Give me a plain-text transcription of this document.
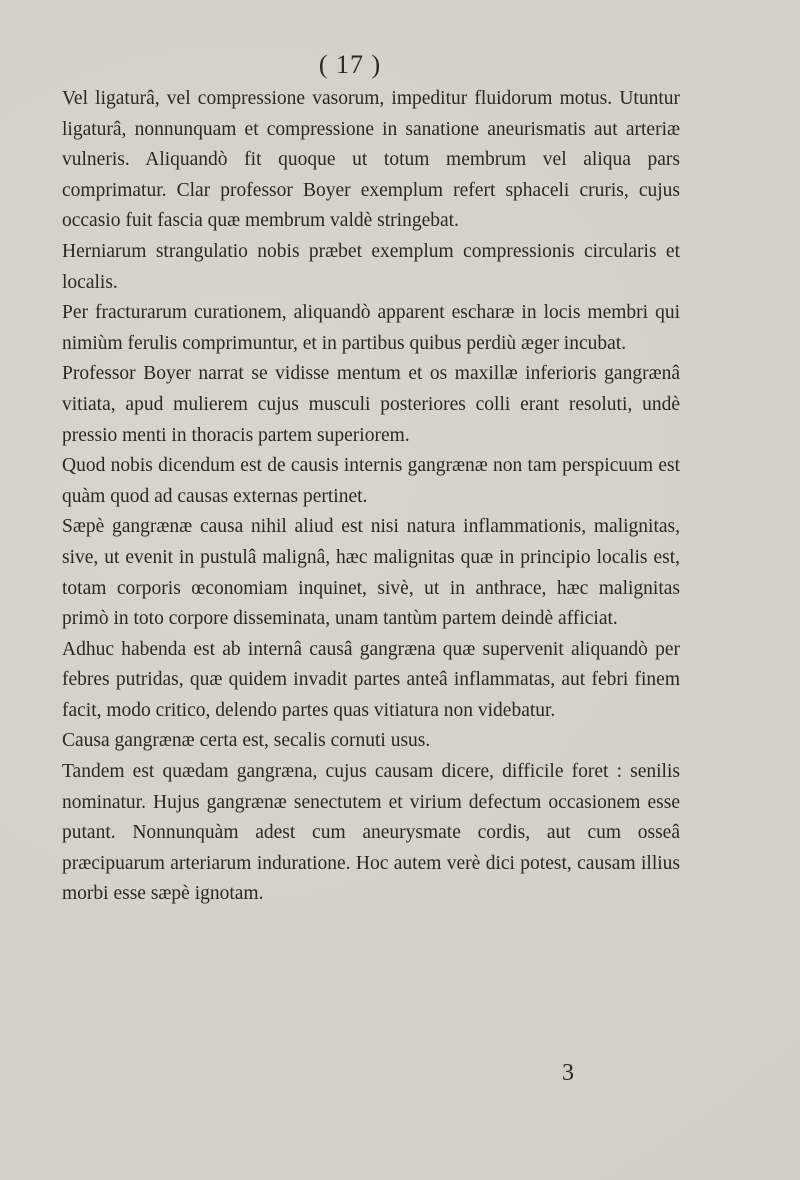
( 17 )

Vel ligaturâ, vel compressione vasorum, impeditur fluidorum motus. Utuntur ligaturâ, nonnunquam et compressione in sanatione aneurismatis aut arteriæ vulneris. Aliquandò fit quoque ut totum membrum vel aliqua pars comprimatur. Clar professor Boyer exemplum refert sphaceli cruris, cujus occasio fuit fascia quæ membrum valdè stringebat.

Herniarum strangulatio nobis præbet exemplum compressionis circularis et localis.

Per fracturarum curationem, aliquandò apparent escharæ in locis membri qui nimiùm ferulis comprimuntur, et in partibus quibus perdiù æger incubat.

Professor Boyer narrat se vidisse mentum et os maxillæ inferioris gangrænâ vitiata, apud mulierem cujus musculi posteriores colli erant resoluti, undè pressio menti in thoracis partem superiorem.

Quod nobis dicendum est de causis internis gangrænæ non tam perspicuum est quàm quod ad causas externas pertinet.

Sæpè gangrænæ causa nihil aliud est nisi natura inflammationis, malignitas, sive, ut evenit in pustulâ malignâ, hæc malignitas quæ in principio localis est, totam corporis œconomiam inquinet, sivè, ut in anthrace, hæc malignitas primò in toto corpore disseminata, unam tantùm partem deindè afficiat.

Adhuc habenda est ab internâ causâ gangræna quæ supervenit aliquandò per febres putridas, quæ quidem invadit partes anteâ inflammatas, aut febri finem facit, modo critico, delendo partes quas vitiatura non videbatur.

Causa gangrænæ certa est, secalis cornuti usus.

Tandem est quædam gangræna, cujus causam dicere, difficile foret : senilis nominatur. Hujus gangrænæ senectutem et virium defectum occasionem esse putant. Nonnunquàm adest cum aneurysmate cordis, aut cum osseâ præcipuarum arteriarum induratione. Hoc autem verè dici potest, causam illius morbi esse sæpè ignotam.

3
